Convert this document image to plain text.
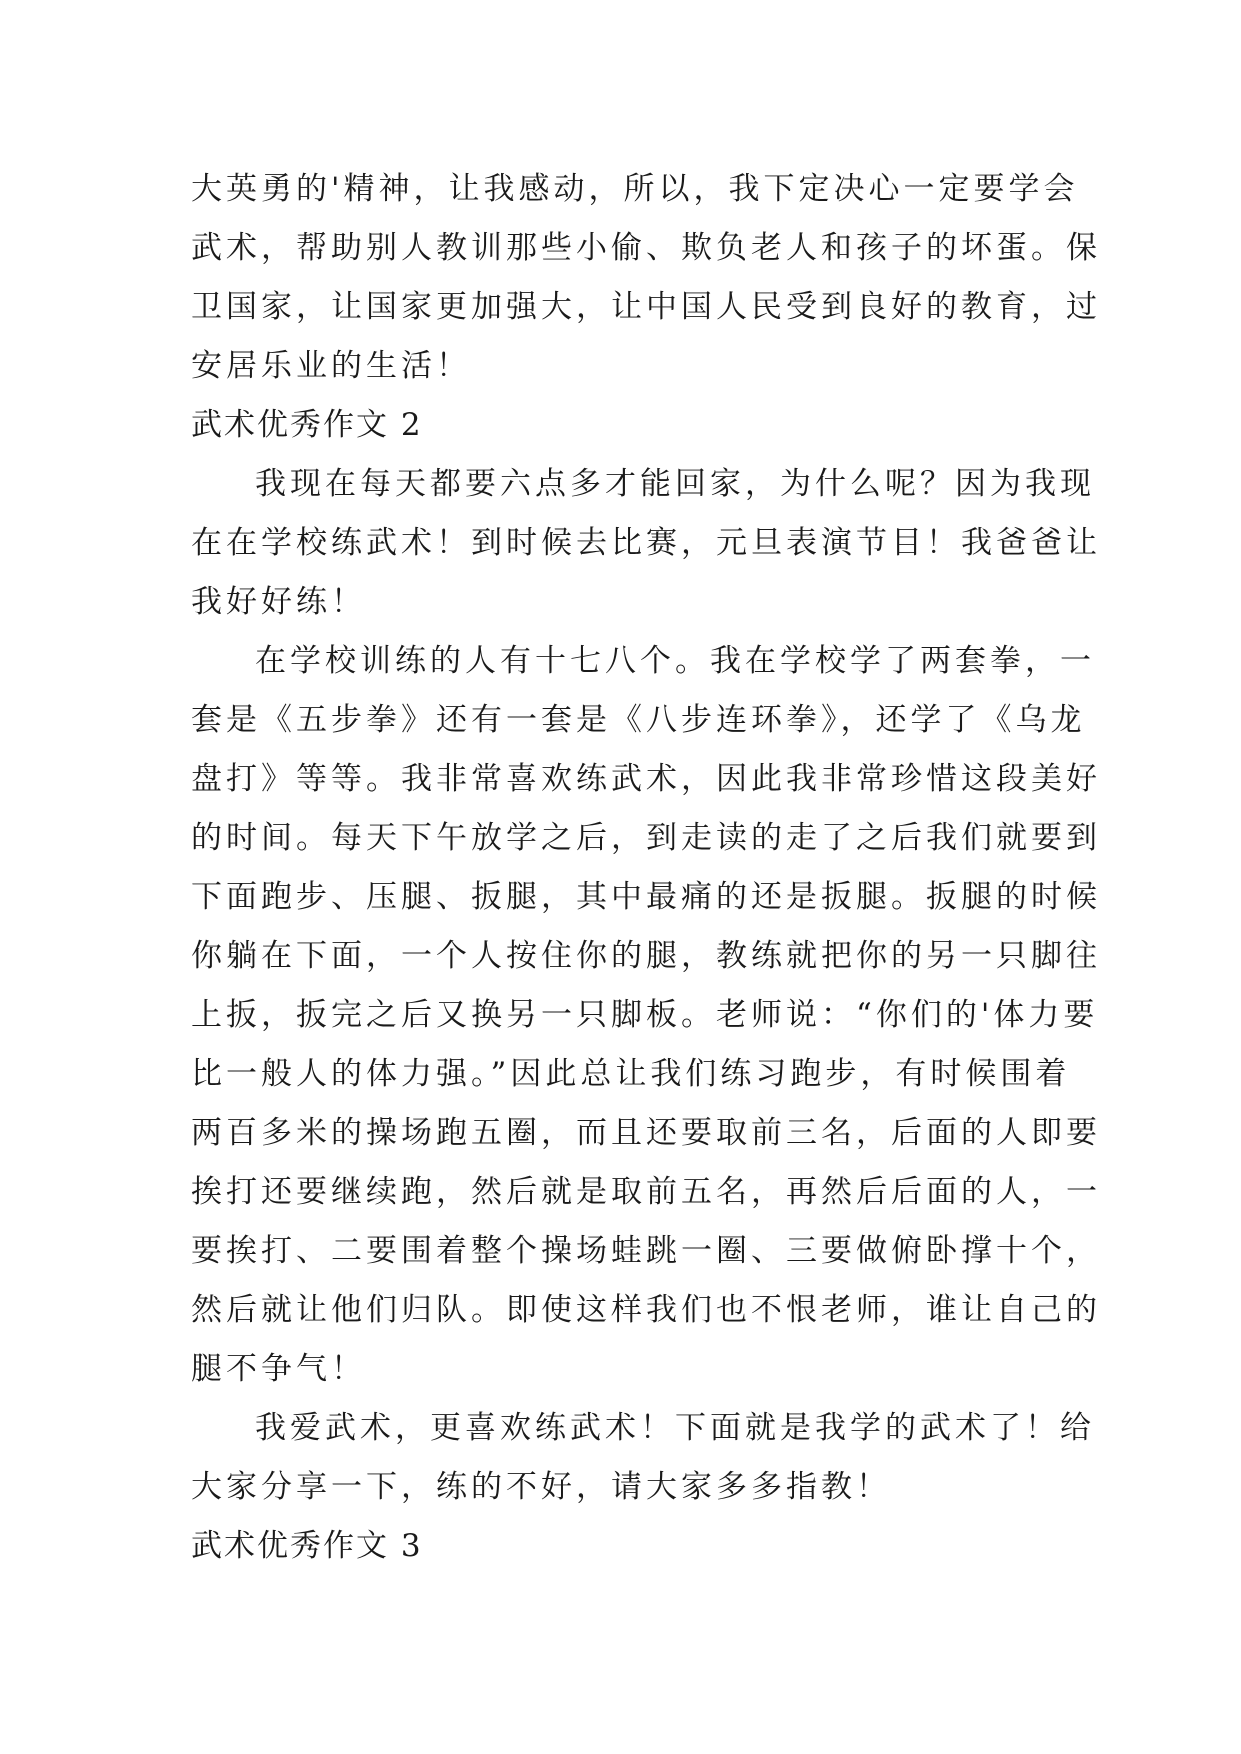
大英勇的'精神，让我感动，所以，我下定决心一定要学会
武术，帮助别人教训那些小偷、欺负老人和孩子的坏蛋。保
卫国家，让国家更加强大，让中国人民受到良好的教育，过
安居乐业的生活！
武术优秀作文 2
我现在每天都要六点多才能回家，为什么呢？因为我现
在在学校练武术！到时候去比赛，元旦表演节目！我爸爸让
我好好练！
在学校训练的人有十七八个。我在学校学了两套拳，一
套是《五步拳》还有一套是《八步连环拳》，还学了《乌龙
盘打》等等。我非常喜欢练武术，因此我非常珍惜这段美好
的时间。每天下午放学之后，到走读的走了之后我们就要到
下面跑步、压腿、扳腿，其中最痛的还是扳腿。扳腿的时候
你躺在下面，一个人按住你的腿，教练就把你的另一只脚往
上扳，扳完之后又换另一只脚板。老师说：“你们的'体力要
比一般人的体力强。”因此总让我们练习跑步，有时候围着
两百多米的操场跑五圈，而且还要取前三名，后面的人即要
挨打还要继续跑，然后就是取前五名，再然后后面的人，一
要挨打、二要围着整个操场蛙跳一圈、三要做俯卧撑十个，
然后就让他们归队。即使这样我们也不恨老师，谁让自己的
腿不争气！
我爱武术，更喜欢练武术！下面就是我学的武术了！给
大家分享一下，练的不好，请大家多多指教！
武术优秀作文 3
